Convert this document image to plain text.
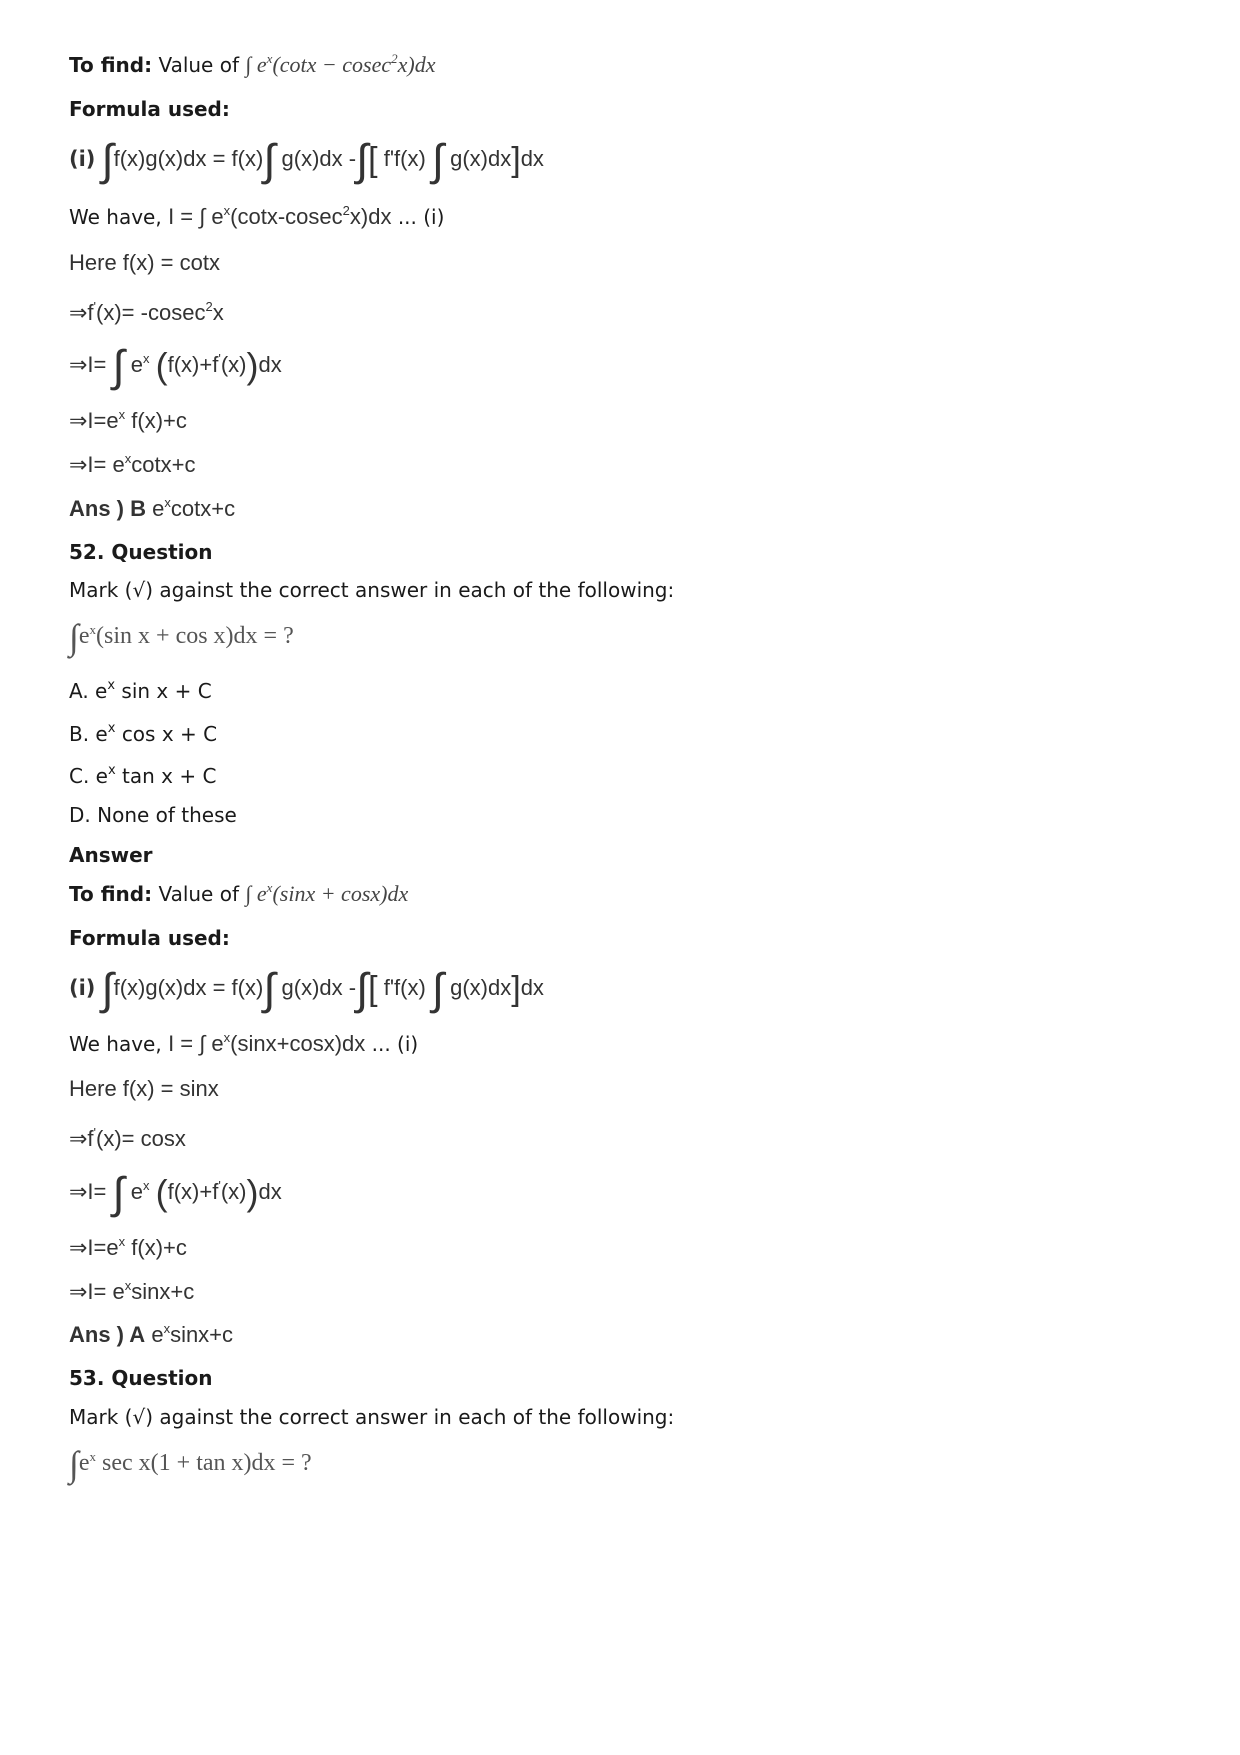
To find: Value of ∫ $e^x(\cot x - cosec^2x)dx$
Formula used:
(i) ∫f(x)g(x)dx = f(x)∫ g(x)dx -∫[ f'f(x) ∫ g(x)dx]dx
We have, I = ∫ $e^x(\cot x-cosec^2x)dx$ ... (i)
Here f(x) = cotx
⇒f'(x)= -cosec$^2$x
⇒I= ∫ $e^x$ (f(x)+f'(x))dx
$\Rightarrow I=e^x$ f(x)+c
⇒I= $e^x\cot x+c$
Ans ) B $e^x\cot x+c$
52. Question
Mark (√) against the correct answer in each of the following:
$\int e^x(\sin$ x + cos x)dx = ?
A. $e^x$ sin x + C
B. $e^x$ cos x + C
C. $e^x$ tan x + C
D. None of these
Answer
To find: Value of ∫ $e^x(\sin x + \cos x)dx$
Formula used:
(i) ∫f(x)g(x)dx = f(x)∫ g(x)dx -∫[ f'f(x) ∫ g(x)dx]dx
We have, I = ∫ $e^x(\sin x+\cos x)dx$ ... (i)
Here f(x) = sinx
⇒f'(x)= cosx
⇒I= ∫ $e^x$ (f(x)+f'(x))dx
$\Rightarrow I=e^x$ f(x)+c
⇒I= $e^x\sin x+c$
Ans ) A $e^x\sin x+c$
53. Question
Mark (√) against the correct answer in each of the following:
$\int e^x$ sec x(1 + tan x)dx = ?
